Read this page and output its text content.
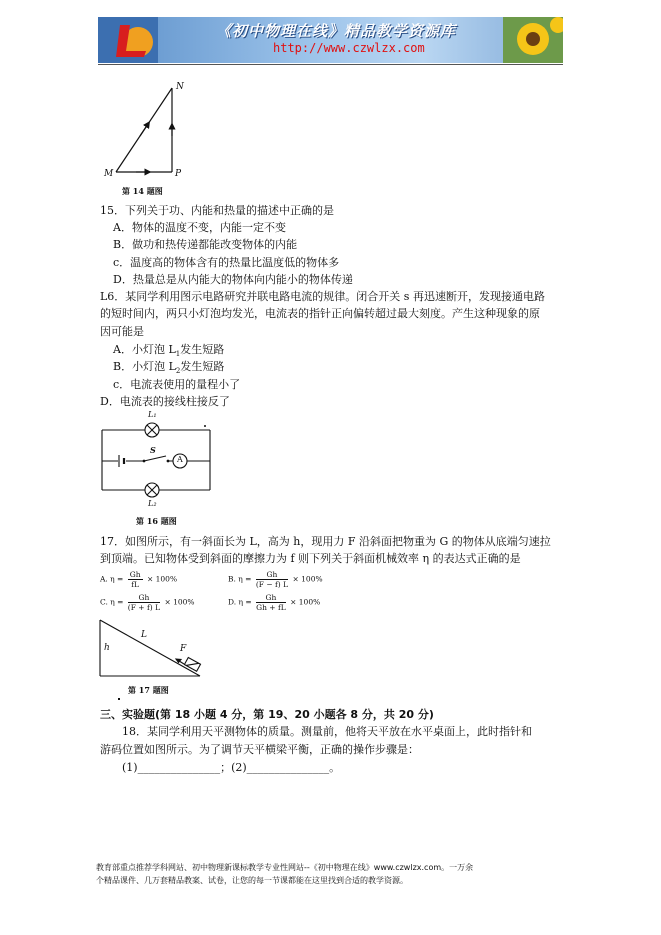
《初中物理在线》精品教学资源库
http://www.czwlzx.com
N
M	P
第 14 题图
15．下列关于功、内能和热量的描述中正确的是
A．物体的温度不变，内能一定不变
B．做功和热传递都能改变物体的内能
c．温度高的物体含有的热量比温度低的物体多
D．热量总是从内能大的物体向内能小的物体传递
L6．某同学利用图示电路研究并联电路电流的规律。闭合开关 s 再迅速断开，发现接通电路
的短时间内，两只小灯泡均发光，电流表的指针正向偏转超过最大刻度。产生这种现象的原
因可能是
A．小灯泡 $L_1$发生短路
B．小灯泡 $L_2$发生短路
c．电流表使用的量程小了
D．电流表的接线柱接反了
L₁
L₂
S
A
第 16 题图
17．如图所示，有一斜面长为 L，高为 h，现用力 F 沿斜面把物重为 G 的物体从底端匀速拉
到顶端。已知物体受到斜面的摩擦力为 f 则下列关于斜面机械效率 η 的表达式正确的是
A. $\eta = \frac{Gh}{fL} \times 100\%$	B. $\eta = \frac{Gh}{(F - f) L} \times 100\%$
C. $\eta = \frac{Gh}{(F + f) L} \times 100\%$	D. $\eta = \frac{Gh}{Gh + fL} \times 100\%$
h
L
F
第 17 题图
三、实验题(第 18 小题 4 分，第 19、20 小题各 8 分，共 20 分)
18．某同学利用天平测物体的质量。测量前，他将天平放在水平桌面上，此时指针和
游码位置如图所示。为了调节天平横梁平衡，正确的操作步骤是：
(1)_______________；(2)_______________。
教育部重点推荐学科网站、初中物理新课标教学专业性网站--《初中物理在线》www.czwlzx.com。一万余
个精品课件、几万套精品教案、试卷，让您的每一节课都能在这里找到合适的教学资源。
